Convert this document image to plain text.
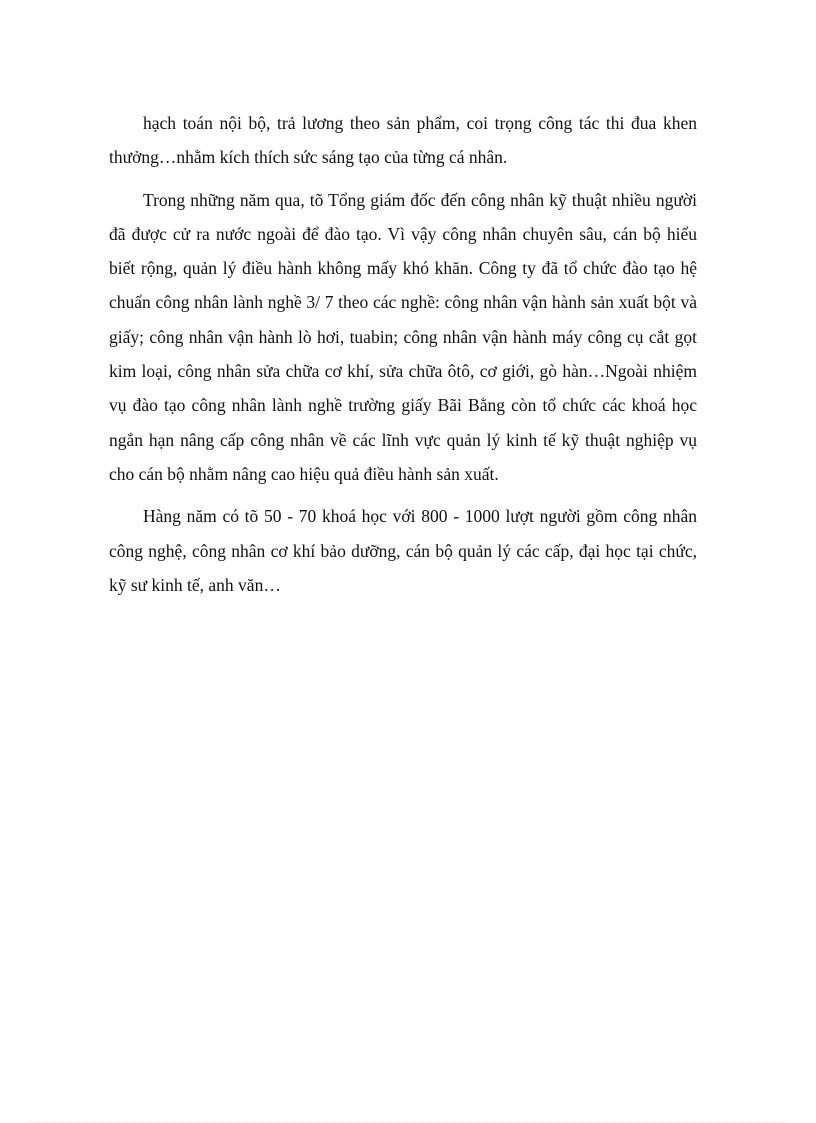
hạch toán nội bộ, trả lương theo sản phẩm, coi trọng công tác thi đua khen thưởng…nhằm kích thích sức sáng tạo của từng cá nhân.

Trong những năm qua, tõ Tổng giám đốc đến công nhân kỹ thuật nhiều người đã được cử ra nước ngoài để đào tạo. Vì vậy công nhân chuyên sâu, cán bộ hiểu biết rộng, quản lý điều hành không mấy khó khăn. Công ty đã tổ chức đào tạo hệ chuẩn công nhân lành nghề 3/ 7 theo các nghề: công nhân vận hành sản xuất bột và giấy; công nhân vận hành lò hơi, tuabin; công nhân vận hành máy công cụ cắt gọt kim loại, công nhân sửa chữa cơ khí, sửa chữa ôtô, cơ giới, gò hàn…Ngoài nhiệm vụ đào tạo công nhân lành nghề trường giấy Bãi Bằng còn tổ chức các khoá học ngắn hạn nâng cấp công nhân về các lĩnh vực quản lý kinh tế kỹ thuật nghiệp vụ cho cán bộ nhằm nâng cao hiệu quả điều hành sản xuất.

Hàng năm có tõ 50 - 70 khoá học với 800 - 1000 lượt người gồm công nhân công nghệ, công nhân cơ khí bảo dưỡng, cán bộ quản lý các cấp, đại học tại chức, kỹ sư kinh tế, anh văn…
